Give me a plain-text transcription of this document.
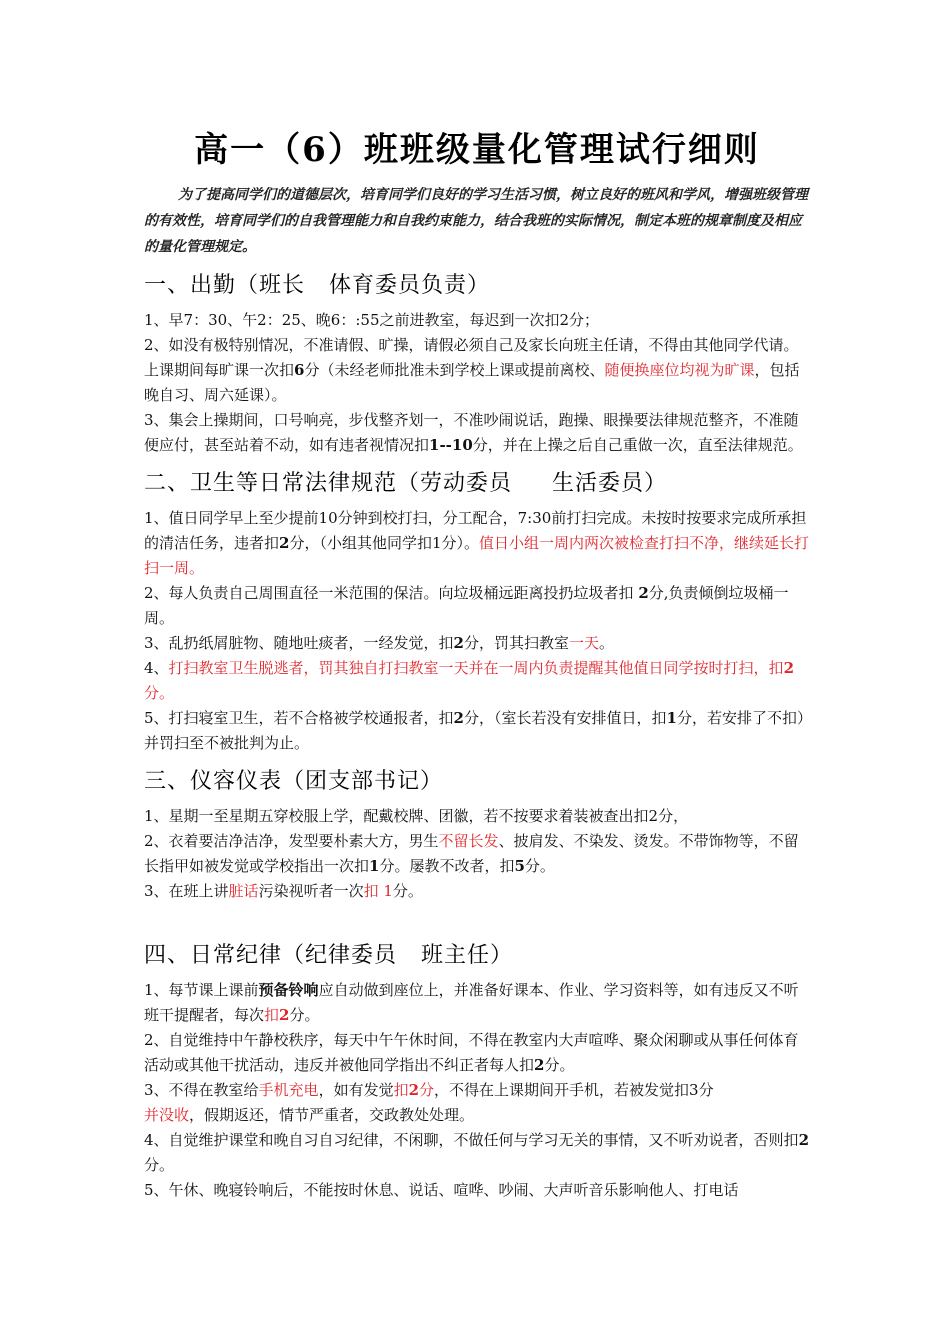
高一（6）班班级量化管理试行细则

为了提高同学们的道德层次，培育同学们良好的学习生活习惯，树立良好的班风和学风，增强班级管理的有效性，培育同学们的自我管理能力和自我约束能力，结合我班的实际情况，制定本班的规章制度及相应的量化管理规定。

一、出勤（班长   体育委员负责）

1、早7：30、午2：25、晚6：:55之前进教室，每迟到一次扣2分；

2、如没有极特别情况，不准请假、旷操，请假必须自己及家长向班主任请，不得由其他同学代请。上课期间每旷课一次扣6分（未经老师批准未到学校上课或提前离校、随便换座位均视为旷课，包括晚自习、周六延课）。

3、集会上操期间，口号响亮，步伐整齐划一，不准吵闹说话，跑操、眼操要法律规范整齐，不准随便应付，甚至站着不动，如有违者视情况扣1--10分，并在上操之后自己重做一次，直至法律规范。

二、卫生等日常法律规范（劳动委员     生活委员）

1、值日同学早上至少提前10分钟到校打扫，分工配合，7:30前打扫完成。未按时按要求完成所承担的清洁任务，违者扣2分，（小组其他同学扣1分）。值日小组一周内两次被检查打扫不净，继续延长打扫一周。

2、每人负责自己周围直径一米范围的保洁。向垃圾桶远距离投扔垃圾者扣 2分,负责倾倒垃圾桶一周。

3、乱扔纸屑脏物、随地吐痰者，一经发觉，扣2分，罚其扫教室一天。

4、打扫教室卫生脱逃者，罚其独自打扫教室一天并在一周内负责提醒其他值日同学按时打扫，扣2分。

5、打扫寝室卫生，若不合格被学校通报者，扣2分，（室长若没有安排值日，扣1分，若安排了不扣）并罚扫至不被批判为止。

三、仪容仪表（团支部书记）

1、星期一至星期五穿校服上学，配戴校牌、团徽，若不按要求着装被查出扣2分，

2、衣着要洁净洁净，发型要朴素大方，男生不留长发、披肩发、不染发、烫发。不带饰物等，不留长指甲如被发觉或学校指出一次扣1分。屡教不改者，扣5分。

3、在班上讲脏话污染视听者一次扣 1分。

四、日常纪律（纪律委员   班主任）

1、每节课上课前预备铃响应自动做到座位上，并准备好课本、作业、学习资料等，如有违反又不听班干提醒者，每次扣2分。

2、自觉维持中午静校秩序，每天中午午休时间，不得在教室内大声喧哗、聚众闲聊或从事任何体育活动或其他干扰活动，违反并被他同学指出不纠正者每人扣2分。

3、不得在教室给手机充电，如有发觉扣2分，不得在上课期间开手机，若被发觉扣3分
并没收，假期返还，情节严重者，交政教处处理。

4、自觉维护课堂和晚自习自习纪律，不闲聊，不做任何与学习无关的事情，又不听劝说者，否则扣2分。

5、午休、晚寝铃响后，不能按时休息、说话、喧哗、吵闹、大声听音乐影响他人、打电话
